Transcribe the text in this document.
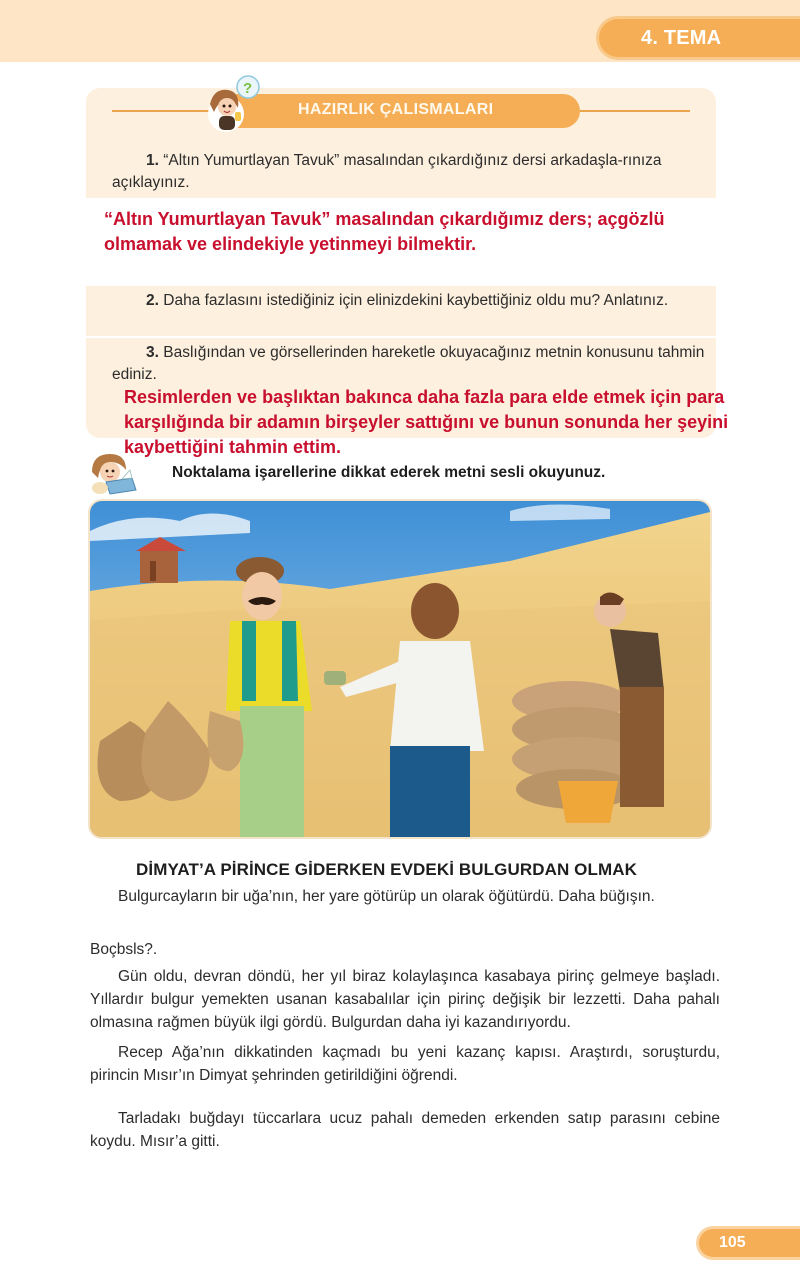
4. TEMA
HAZIRLIK ÇALISMALARI
?
1. “Altın Yumurtlayan Tavuk” masalından çıkardığınız dersi arkadaşla-rınıza açıklayınız.
“Altın Yumurtlayan Tavuk” masalından çıkardığımız ders; açgözlü olmamak ve elindekiyle yetinmeyi bilmektir.
2. Daha fazlasını istediğiniz için elinizdekini kaybettiğiniz oldu mu? Anlatınız.
3. Baslığından ve görsellerinden hareketle okuyacağınız metnin konusunu tahmin ediniz.
Resimlerden ve başlıktan bakınca daha fazla para elde etmek için para karşılığında bir adamın birşeyler sattığını ve bunun sonunda her şeyini kaybettiğini tahmin ettim.
Noktalama işarellerine dikkat ederek metni sesli okuyunuz.
DİMYAT’A PİRİNCE GİDERKEN EVDEKİ BULGURDAN OLMAK
Bulgurcayların bir uğa’nın, her yare götürüp un olarak öğütürdü. Daha büğışın.
Boçbsls?.
Gün oldu, devran döndü, her yıl biraz kolaylaşınca kasabaya pirinç gelmeye başladı. Yıllardır bulgur yemekten usanan kasabalılar için pirinç değişik bir lezzetti. Daha pahalı olmasına rağmen büyük ilgi gördü. Bulgurdan daha iyi kazandırıyordu.
Recep Ağa’nın dikkatinden kaçmadı bu yeni kazanç kapısı. Araştırdı, soruşturdu, pirincin Mısır’ın Dimyat şehrinden getirildiğini öğrendi.
Tarladakı buğdayı tüccarlara ucuz pahalı demeden erkenden satıp parasını cebine koydu. Mısır’a gitti.
105
